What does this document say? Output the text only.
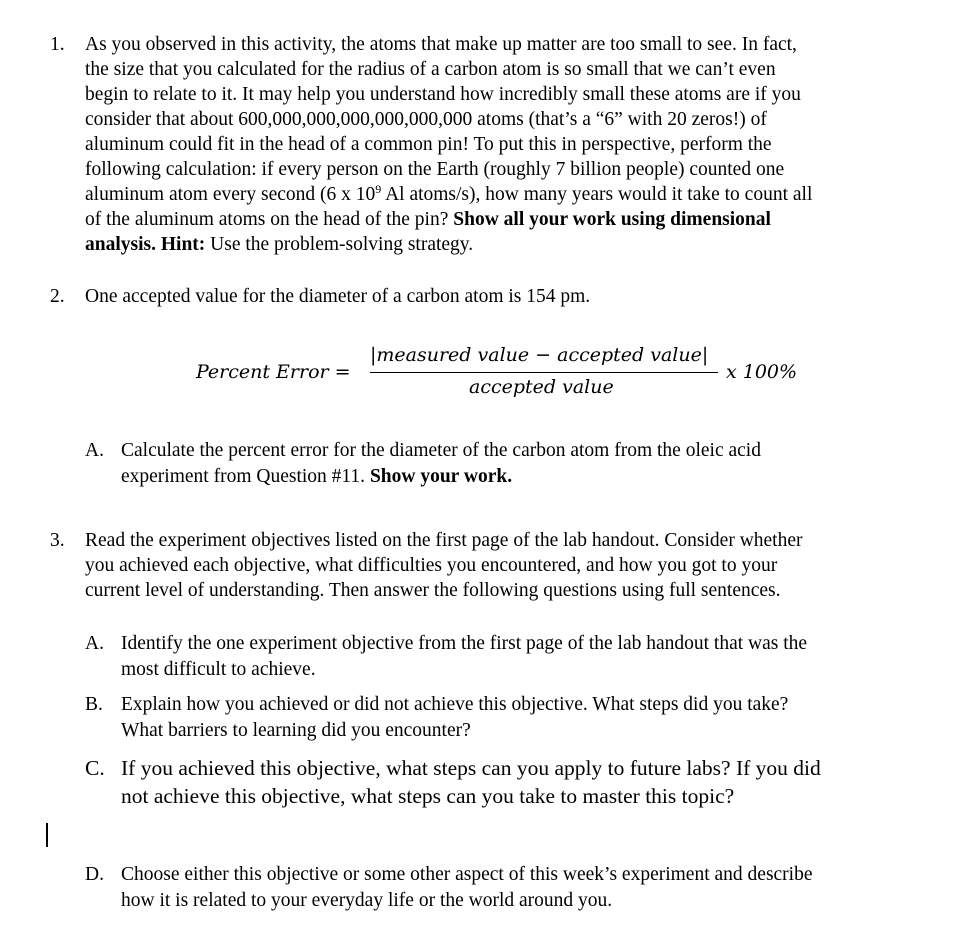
1. As you observed in this activity, the atoms that make up matter are too small to see. In fact,
the size that you calculated for the radius of a carbon atom is so small that we can’t even
begin to relate to it. It may help you understand how incredibly small these atoms are if you
consider that about 600,000,000,000,000,000,000 atoms (that’s a “6” with 20 zeros!) of
aluminum could fit in the head of a common pin! To put this in perspective, perform the
following calculation: if every person on the Earth (roughly 7 billion people) counted one
aluminum atom every second (6 x $10^9$ Al atoms/s), how many years would it take to count all
of the aluminum atoms on the head of the pin? Show all your work using dimensional
analysis. Hint: Use the problem-solving strategy.
2. One accepted value for the diameter of a carbon atom is 154 pm.
Percent Error =
|measured value − accepted value|
accepted value
x 100%
A. Calculate the percent error for the diameter of the carbon atom from the oleic acid
experiment from Question #11. Show your work.
3. Read the experiment objectives listed on the first page of the lab handout. Consider whether
you achieved each objective, what difficulties you encountered, and how you got to your
current level of understanding. Then answer the following questions using full sentences.
A. Identify the one experiment objective from the first page of the lab handout that was the
most difficult to achieve.
B. Explain how you achieved or did not achieve this objective. What steps did you take?
What barriers to learning did you encounter?
C. If you achieved this objective, what steps can you apply to future labs? If you did
not achieve this objective, what steps can you take to master this topic?
D. Choose either this objective or some other aspect of this week’s experiment and describe
how it is related to your everyday life or the world around you.
